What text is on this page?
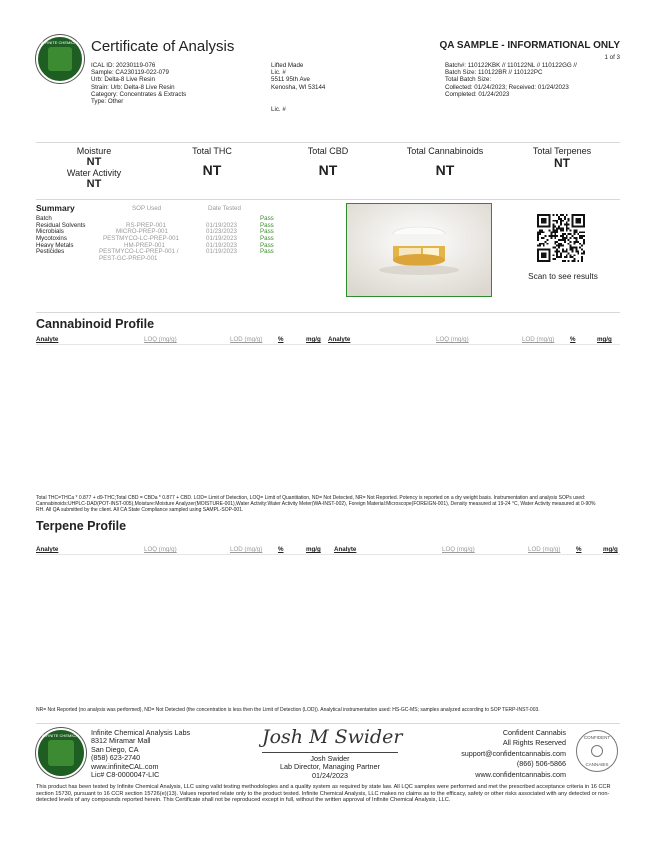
INFINITE CHEMICAL Certificate of Analysis	QA SAMPLE - INFORMATIONAL ONLY
1 of 3
ICAL ID: 20230119-076
Sample: CA230119-022-079
Urb: Delta-8 Live Resin
Strain: Urb: Delta-8 Live Resin
Category: Concentrates & Extracts
Type: Other
Lifted Made
Lic. #
5511 95th Ave
Kenosha, WI 53144
Lic. #
Batch#: 110122KBK // 110122NL // 110122GG //
Batch Size: 110122BR // 110122PC
Total Batch Size:
Collected: 01/24/2023; Received: 01/24/2023
Completed: 01/24/2023
Moisture
NT
Water Activity
NT
Total THC
NT
Total CBD
NT
Total Cannabinoids
NT
Total Terpenes
NT
Summary	SOP Used	Date Tested
Batch	Pass
Residual Solvents	RS-PREP-001	01/19/2023	Pass
Microbials	MICRO-PREP-001	01/23/2023	Pass
Mycotoxins	PESTMYCO-LC-PREP-001	01/19/2023	Pass
Heavy Metals	HM-PREP-001	01/19/2023	Pass
Pesticides	PESTMYCO-LC-PREP-001 /	01/19/2023	Pass
PEST-GC-PREP-001
Scan to see results
Cannabinoid Profile
Analyte	LOQ (mg/g)	LOD (mg/g)	%	mg/g Analyte	LOQ (mg/g)	LOD (mg/g)	%	mg/g
Total THC=THCa * 0.877 + d9-THC;Total CBD = CBDa * 0.877 + CBD. LOD= Limit of Detection, LOQ= Limit of Quantitation, ND= Not Detected, NR= Not Reported. Potency is reported on a dry weight basis. Instrumentation and analysis SOPs used: Cannabinoids:UHPLC-DAD(POT-INST-005),Moisture:Moisture Analyzer(MOISTURE-001),Water Activity:Water Activity Meter(WA-INST-002), Foreign Material:Microscope(FOREIGN-001), Density measured at 19-24 °C, Water Activity measured at 0-90% RH. All QA submitted by the client. All CA State Compliance sampled using SAMPL-SOP-001.
Terpene Profile
Analyte	LOQ (mg/g)	LOD (mg/g)	%	mg/g Analyte	LOQ (mg/g)	LOD (mg/g)	%	mg/g
NR= Not Reported (no analysis was performed), ND= Not Detected (the concentration is less then the Limit of Detection (LOD)). Analytical instrumentation used: HS-GC-MS; samples analyzed according to SOP TERP-INST-003.
INFINITE CHEMICAL	Infinite Chemical Analysis Labs
8312 Miramar Mall
San Diego, CA
(858) 623-2740
www.infiniteCAL.com
Lic# C8-0000047-LIC
Josh M Swider
Josh Swider
Lab Director, Managing Partner
01/24/2023
Confident Cannabis
All Rights Reserved
support@confidentcannabis.com
(866) 506-5866
www.confidentcannabis.com
CONFIDENT
CANNABIS
This product has been tested by Infinite Chemical Analysis, LLC using valid testing methodologies and a quality system as required by state law. All LQC samples were performed and met the prescribed acceptance criteria in 16 CCR section 15730, pursuant to 16 CCR section 15726(e)(13). Values reported relate only to the product tested. Infinite Chemical Analysis, LLC makes no claims as to the efficacy, safety or other risks associated with any detected or non-detected levels of any compounds reported herein. This Certificate shall not be reproduced except in full, without the written approval of Infinite Chemical Analysis, LLC.
